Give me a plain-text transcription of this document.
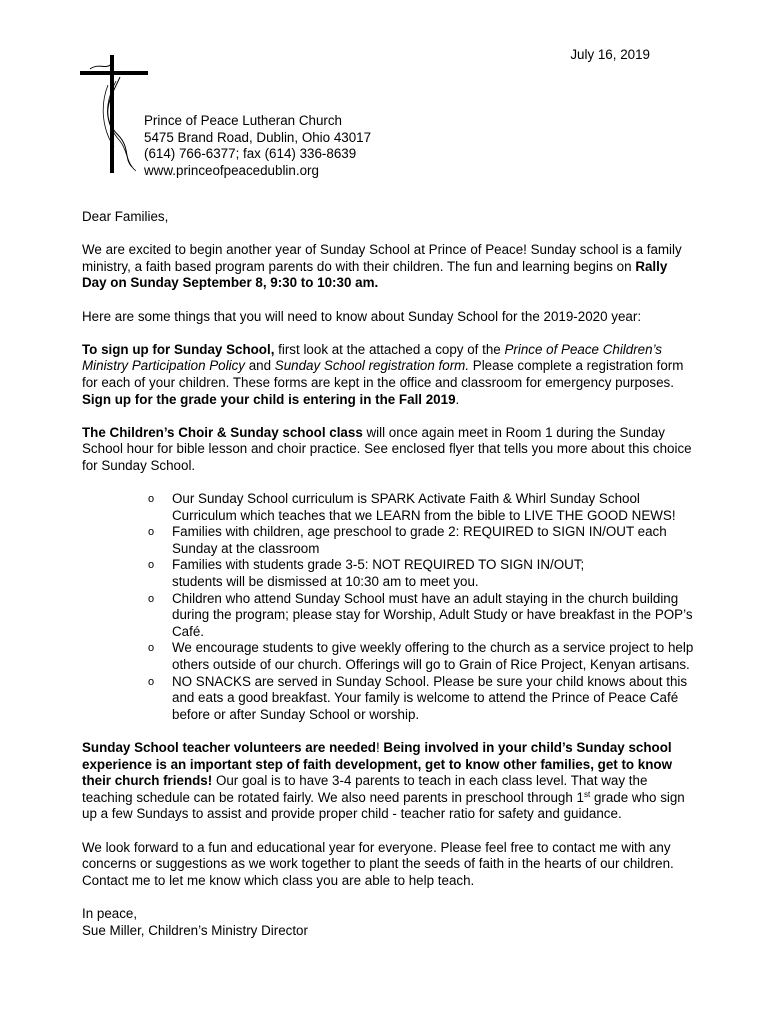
July 16, 2019
Prince of Peace Lutheran Church
5475 Brand Road, Dublin, Ohio 43017
(614) 766-6377; fax (614) 336-8639
www.princeofpeacedublin.org

Dear Families,

We are excited to begin another year of Sunday School at Prince of Peace! Sunday school is a family ministry, a faith based program parents do with their children. The fun and learning begins on Rally Day on Sunday September 8, 9:30 to 10:30 am.

Here are some things that you will need to know about Sunday School for the 2019-2020 year:

To sign up for Sunday School, first look at the attached a copy of the Prince of Peace Children’s Ministry Participation Policy and Sunday School registration form. Please complete a registration form for each of your children. These forms are kept in the office and classroom for emergency purposes. Sign up for the grade your child is entering in the Fall 2019.

The Children’s Choir & Sunday school class will once again meet in Room 1 during the Sunday School hour for bible lesson and choir practice. See enclosed flyer that tells you more about this choice for Sunday School.

o Our Sunday School curriculum is SPARK Activate Faith & Whirl Sunday School Curriculum which teaches that we LEARN from the bible to LIVE THE GOOD NEWS!
o Families with children, age preschool to grade 2: REQUIRED to SIGN IN/OUT each Sunday at the classroom
o Families with students grade 3-5: NOT REQUIRED TO SIGN IN/OUT;
students will be dismissed at 10:30 am to meet you.
o Children who attend Sunday School must have an adult staying in the church building during the program; please stay for Worship, Adult Study or have breakfast in the POP’s Café.
o We encourage students to give weekly offering to the church as a service project to help others outside of our church. Offerings will go to Grain of Rice Project, Kenyan artisans.
o NO SNACKS are served in Sunday School. Please be sure your child knows about this and eats a good breakfast. Your family is welcome to attend the Prince of Peace Café before or after Sunday School or worship.

Sunday School teacher volunteers are needed! Being involved in your child’s Sunday school experience is an important step of faith development, get to know other families, get to know their church friends! Our goal is to have 3-4 parents to teach in each class level. That way the teaching schedule can be rotated fairly. We also need parents in preschool through 1st grade who sign up a few Sundays to assist and provide proper child - teacher ratio for safety and guidance.

We look forward to a fun and educational year for everyone. Please feel free to contact me with any concerns or suggestions as we work together to plant the seeds of faith in the hearts of our children. Contact me to let me know which class you are able to help teach.

In peace,

Sue Miller, Children’s Ministry Director
